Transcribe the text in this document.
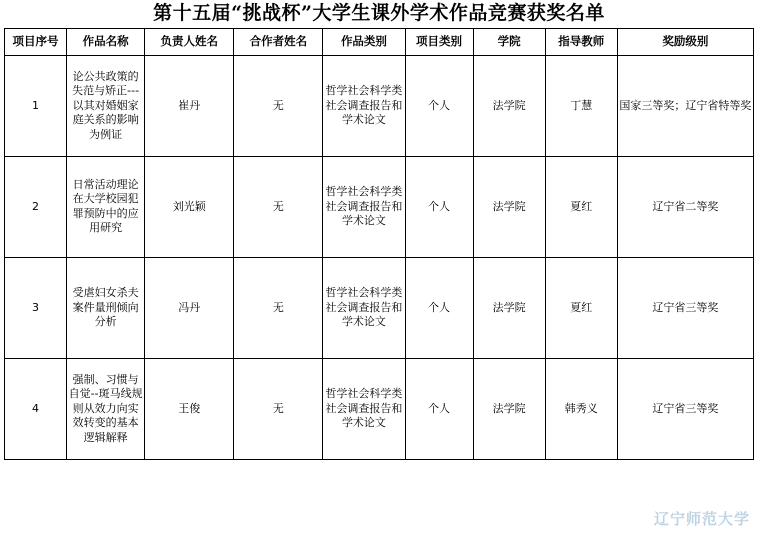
第十五届“挑战杯”大学生课外学术作品竞赛获奖名单
项目序号	作品名称	负责人姓名	合作者姓名	作品类别	项目类别	学院	指导教师	奖励级别
1	论公共政策的失范与矫正---以其对婚姻家庭关系的影响为例证	崔丹	无	哲学社会科学类社会调查报告和学术论文	个人	法学院	丁慧	国家三等奖；辽宁省特等奖
2	日常活动理论在大学校园犯罪预防中的应用研究	刘光颖	无	哲学社会科学类社会调查报告和学术论文	个人	法学院	夏红	辽宁省二等奖
3	受虐妇女杀夫案件量刑倾向分析	冯丹	无	哲学社会科学类社会调查报告和学术论文	个人	法学院	夏红	辽宁省三等奖
4	强制、习惯与自觉--斑马线规则从效力向实效转变的基本逻辑解释	王俊	无	哲学社会科学类社会调查报告和学术论文	个人	法学院	韩秀义	辽宁省三等奖
辽宁师范大学
